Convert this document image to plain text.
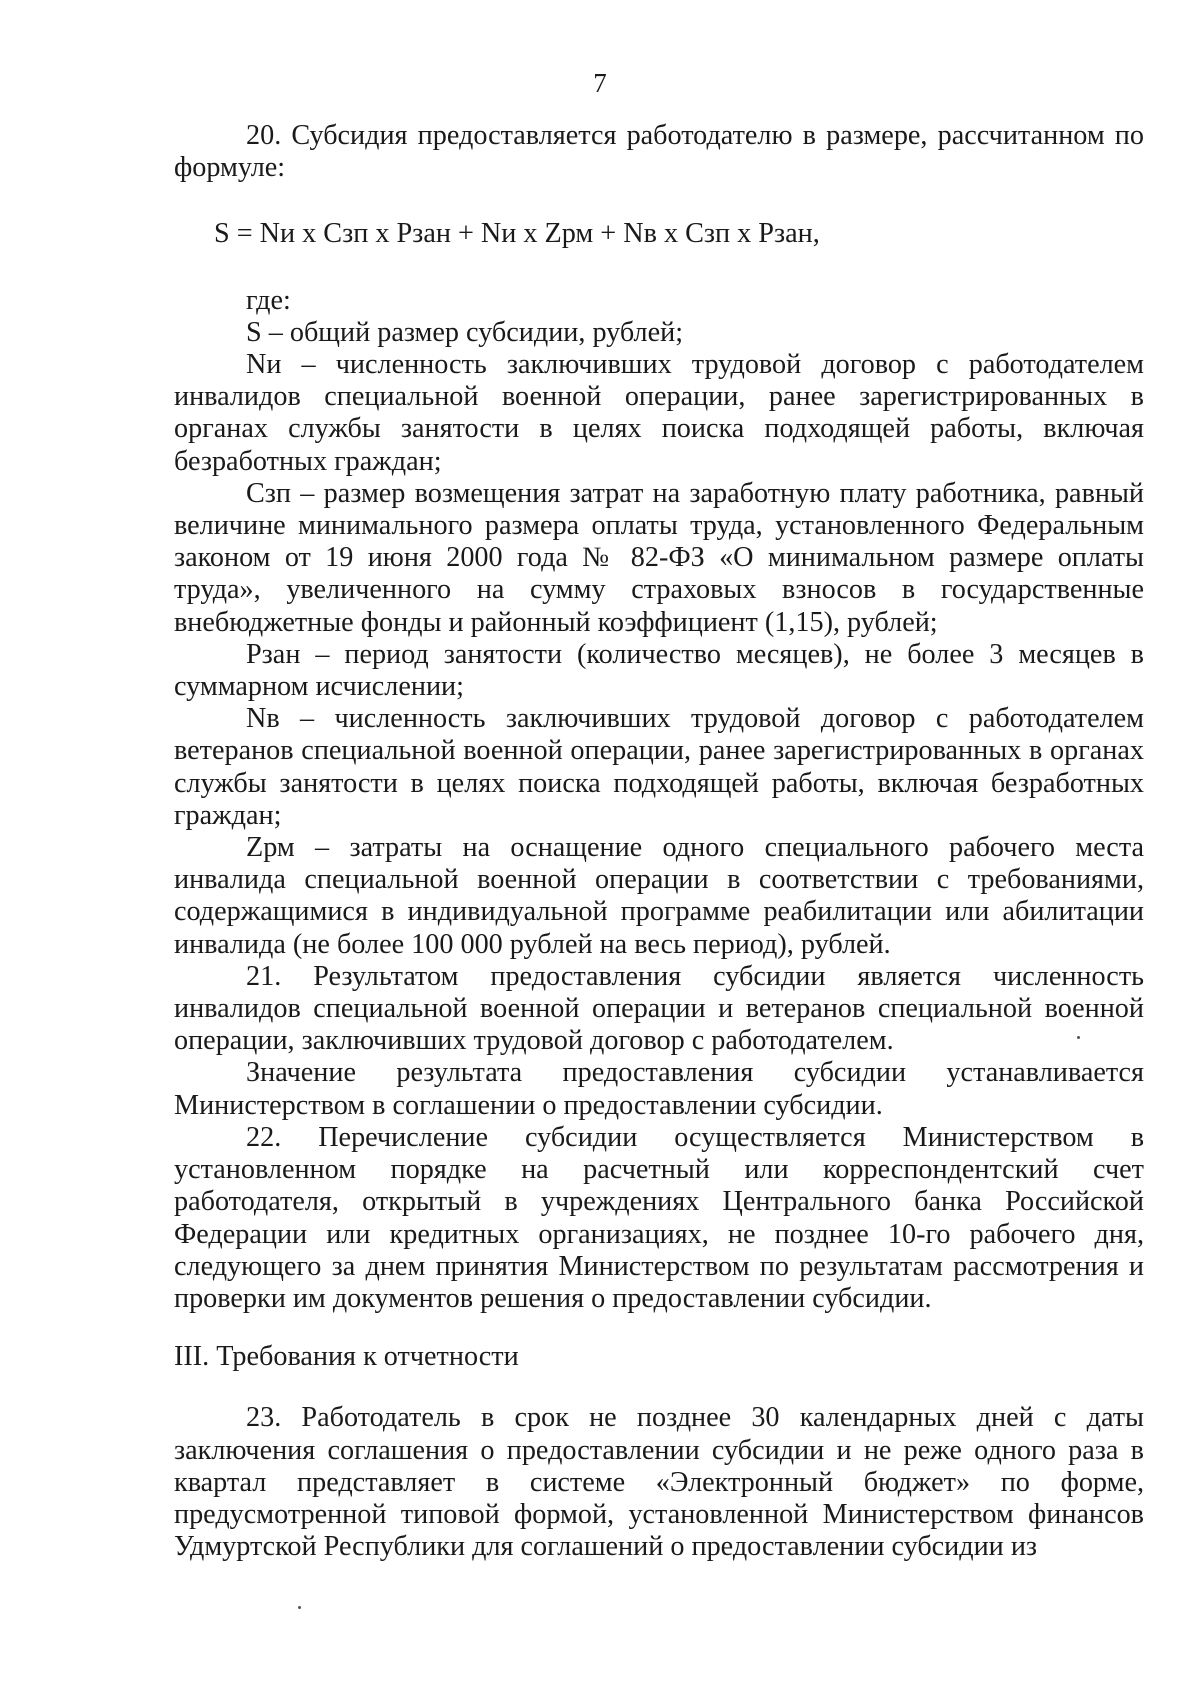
7

20. Субсидия предоставляется работодателю в размере, рассчитанном по формуле:

S = Nи x Сзп x Рзан + Nи x Zрм + Nв x Сзп x Рзан,

где:

S – общий размер субсидии, рублей;

Nи – численность заключивших трудовой договор с работодателем инвалидов специальной военной операции, ранее зарегистрированных в органах службы занятости в целях поиска подходящей работы, включая безработных граждан;

Сзп – размер возмещения затрат на заработную плату работника, равный величине минимального размера оплаты труда, установленного Федеральным законом от 19 июня 2000 года № 82-ФЗ «О минимальном размере оплаты труда», увеличенного на сумму страховых взносов в государственные внебюджетные фонды и районный коэффициент (1,15), рублей;

Рзан – период занятости (количество месяцев), не более 3 месяцев в суммарном исчислении;

Nв – численность заключивших трудовой договор с работодателем ветеранов специальной военной операции, ранее зарегистрированных в органах службы занятости в целях поиска подходящей работы, включая безработных граждан;

Zрм – затраты на оснащение одного специального рабочего места инвалида специальной военной операции в соответствии с требованиями, содержащимися в индивидуальной программе реабилитации или абилитации инвалида (не более 100 000 рублей на весь период), рублей.

21. Результатом предоставления субсидии является численность инвалидов специальной военной операции и ветеранов специальной военной операции, заключивших трудовой договор с работодателем.

Значение результата предоставления субсидии устанавливается Министерством в соглашении о предоставлении субсидии.

22. Перечисление субсидии осуществляется Министерством в установленном порядке на расчетный или корреспондентский счет работодателя, открытый в учреждениях Центрального банка Российской Федерации или кредитных организациях, не позднее 10-го рабочего дня, следующего за днем принятия Министерством по результатам рассмотрения и проверки им документов решения о предоставлении субсидии.

III. Требования к отчетности

23. Работодатель в срок не позднее 30 календарных дней с даты заключения соглашения о предоставлении субсидии и не реже одного раза в квартал представляет в системе «Электронный бюджет» по форме, предусмотренной типовой формой, установленной Министерством финансов Удмуртской Республики для соглашений о предоставлении субсидии из
